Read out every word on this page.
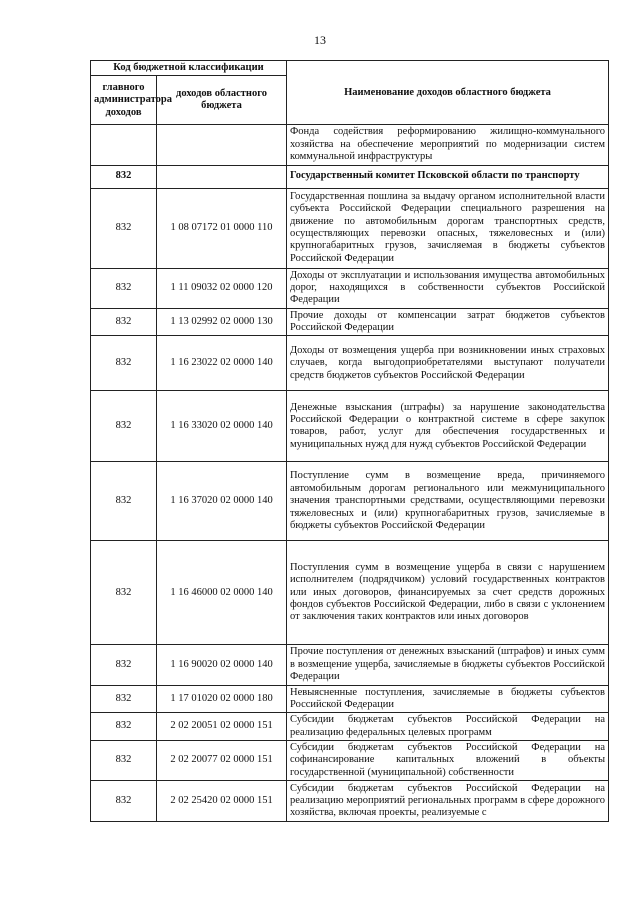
13
Код бюджетной классификации		Наименование доходов областного бюджета
главного администратора доходов	доходов областного бюджета	
		Фонда содействия реформированию жилищно-коммунального хозяйства на обеспечение мероприятий по модернизации систем коммунальной инфраструктуры
832		Государственный комитет Псковской области по транспорту
832	1 08 07172 01 0000 110	Государственная пошлина за выдачу органом исполнительной власти субъекта Российской Федерации специального разрешения на движение по автомобильным дорогам транспортных средств, осуществляющих перевозки опасных, тяжеловесных и (или) крупногабаритных грузов, зачисляемая в бюджеты субъектов Российской Федерации
832	1 11 09032 02 0000 120	Доходы от эксплуатации и использования имущества автомобильных дорог, находящихся в собственности субъектов Российской Федерации
832	1 13 02992 02 0000 130	Прочие доходы от компенсации затрат бюджетов субъектов Российской Федерации
832	1 16 23022 02 0000 140	Доходы от возмещения ущерба при возникновении иных страховых случаев, когда выгодоприобретателями выступают получатели средств бюджетов субъектов Российской Федерации
832	1 16 33020 02 0000 140	Денежные взыскания (штрафы) за нарушение законодательства Российской Федерации о контрактной системе в сфере закупок товаров, работ, услуг для обеспечения государственных и муниципальных нужд для нужд субъектов Российской Федерации
832	1 16 37020 02 0000 140	Поступление сумм в возмещение вреда, причиняемого автомобильным дорогам регионального или межмуниципального значения транспортными средствами, осуществляющими перевозки тяжеловесных и (или) крупногабаритных грузов, зачисляемые в бюджеты субъектов Российской Федерации
832	1 16 46000 02 0000 140	Поступления сумм в возмещение ущерба в связи с нарушением исполнителем (подрядчиком) условий государственных контрактов или иных договоров, финансируемых за счет средств дорожных фондов субъектов Российской Федерации, либо в связи с уклонением от заключения таких контрактов или иных договоров
832	1 16 90020 02 0000 140	Прочие поступления от денежных взысканий (штрафов) и иных сумм в возмещение ущерба, зачисляемые в бюджеты субъектов Российской Федерации
832	1 17 01020 02 0000 180	Невыясненные поступления, зачисляемые в бюджеты субъектов Российской Федерации
832	2 02 20051 02 0000 151	Субсидии бюджетам субъектов Российской Федерации на реализацию федеральных целевых программ
832	2 02 20077 02 0000 151	Субсидии бюджетам субъектов Российской Федерации на софинансирование капитальных вложений в объекты государственной (муниципальной) собственности
832	2 02 25420 02 0000 151	Субсидии бюджетам субъектов Российской Федерации на реализацию мероприятий региональных программ в сфере дорожного хозяйства, включая проекты, реализуемые с
